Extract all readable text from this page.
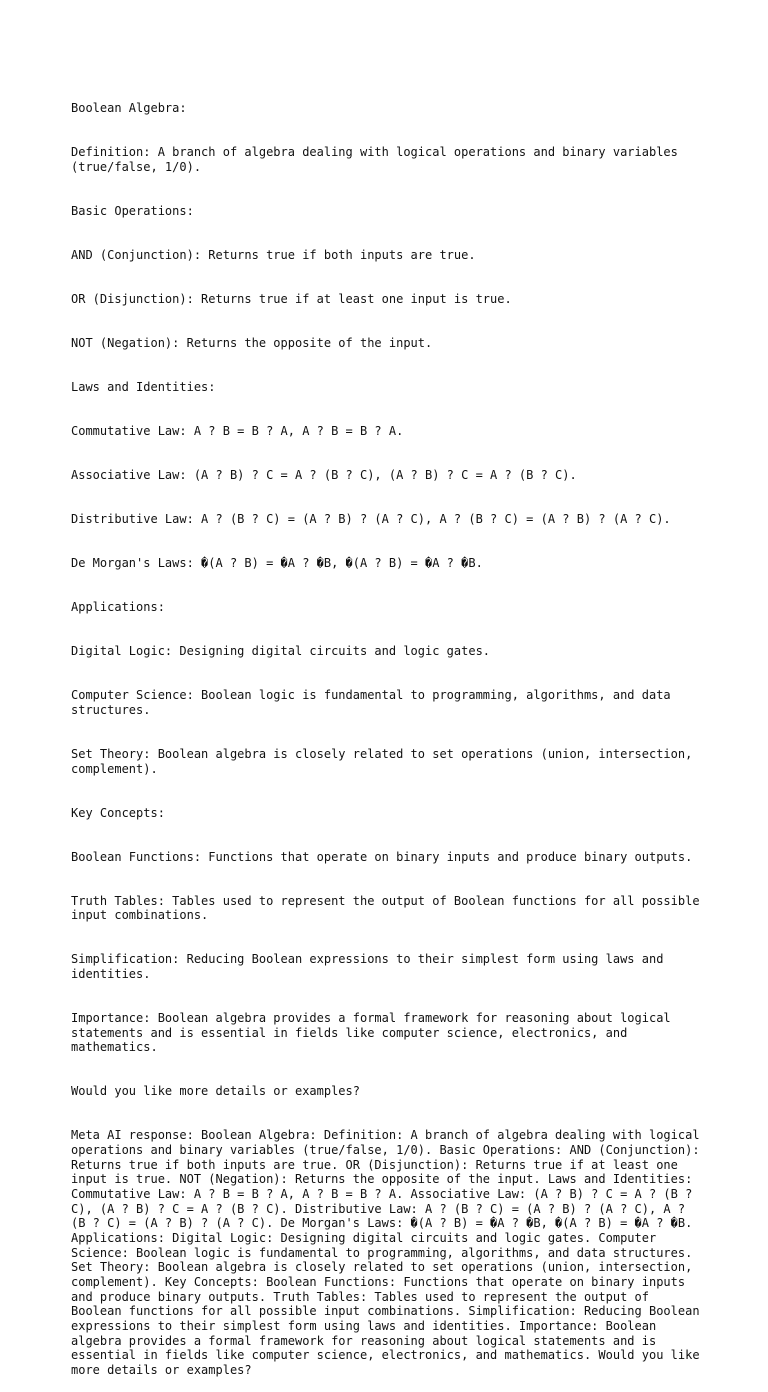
Boolean Algebra:

Definition: A branch of algebra dealing with logical operations and binary variables (true/false, 1/0).

Basic Operations:

AND (Conjunction): Returns true if both inputs are true.

OR (Disjunction): Returns true if at least one input is true.

NOT (Negation): Returns the opposite of the input.

Laws and Identities:

Commutative Law: A ? B = B ? A, A ? B = B ? A.

Associative Law: (A ? B) ? C = A ? (B ? C), (A ? B) ? C = A ? (B ? C).

Distributive Law: A ? (B ? C) = (A ? B) ? (A ? C), A ? (B ? C) = (A ? B) ? (A ? C).

De Morgan's Laws: �(A ? B) = �A ? �B, �(A ? B) = �A ? �B.

Applications:

Digital Logic: Designing digital circuits and logic gates.

Computer Science: Boolean logic is fundamental to programming, algorithms, and data structures.

Set Theory: Boolean algebra is closely related to set operations (union, intersection, complement).

Key Concepts:

Boolean Functions: Functions that operate on binary inputs and produce binary outputs.

Truth Tables: Tables used to represent the output of Boolean functions for all possible input combinations.

Simplification: Reducing Boolean expressions to their simplest form using laws and identities.

Importance: Boolean algebra provides a formal framework for reasoning about logical statements and is essential in fields like computer science, electronics, and mathematics.

Would you like more details or examples?

Meta AI response: Boolean Algebra: Definition: A branch of algebra dealing with logical operations and binary variables (true/false, 1/0). Basic Operations: AND (Conjunction): Returns true if both inputs are true. OR (Disjunction): Returns true if at least one input is true. NOT (Negation): Returns the opposite of the input. Laws and Identities: Commutative Law: A ? B = B ? A, A ? B = B ? A. Associative Law: (A ? B) ? C = A ? (B ? C), (A ? B) ? C = A ? (B ? C). Distributive Law: A ? (B ? C) = (A ? B) ? (A ? C), A ? (B ? C) = (A ? B) ? (A ? C). De Morgan's Laws: �(A ? B) = �A ? �B, �(A ? B) = �A ? �B. Applications: Digital Logic: Designing digital circuits and logic gates. Computer Science: Boolean logic is fundamental to programming, algorithms, and data structures. Set Theory: Boolean algebra is closely related to set operations (union, intersection, complement). Key Concepts: Boolean Functions: Functions that operate on binary inputs and produce binary outputs. Truth Tables: Tables used to represent the output of Boolean functions for all possible input combinations. Simplification: Reducing Boolean expressions to their simplest form using laws and identities. Importance: Boolean algebra provides a formal framework for reasoning about logical statements and is essential in fields like computer science, electronics, and mathematics. Would you like more details or examples?
